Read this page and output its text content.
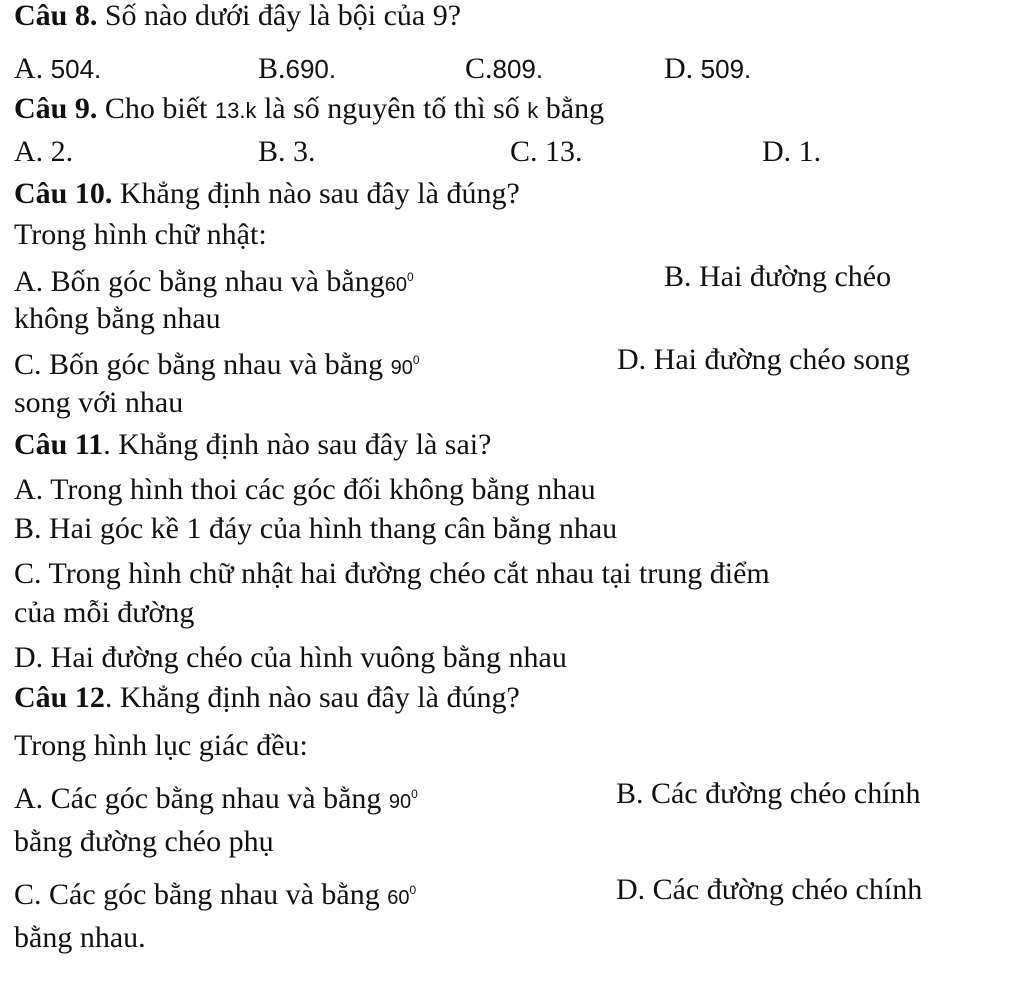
Câu 8. Số nào dưới đây là bội của 9?
A. 504.	B.690.	C.809.	D. 509.
Câu 9. Cho biết 13.k là số nguyên tố thì số k bằng
A. 2.	B. 3.	C. 13.	D. 1.
Câu 10. Khẳng định nào sau đây là đúng?
Trong hình chữ nhật:
A. Bốn góc bằng nhau và $bằng60^0$	B. Hai đường chéo
không bằng nhau
C. Bốn góc bằng nhau và bằng $90^0$	D. Hai đường chéo song
song với nhau
Câu 11. Khẳng định nào sau đây là sai?
A. Trong hình thoi các góc đối không bằng nhau
B. Hai góc kề 1 đáy của hình thang cân bằng nhau
C. Trong hình chữ nhật hai đường chéo cắt nhau tại trung điểm
của mỗi đường
D. Hai đường chéo của hình vuông bằng nhau
Câu 12. Khẳng định nào sau đây là đúng?
Trong hình lục giác đều:
A. Các góc bằng nhau và bằng $90^0$	B. Các đường chéo chính
bằng đường chéo phụ
C. Các góc bằng nhau và bằng $60^0$	D. Các đường chéo chính
bằng nhau.
